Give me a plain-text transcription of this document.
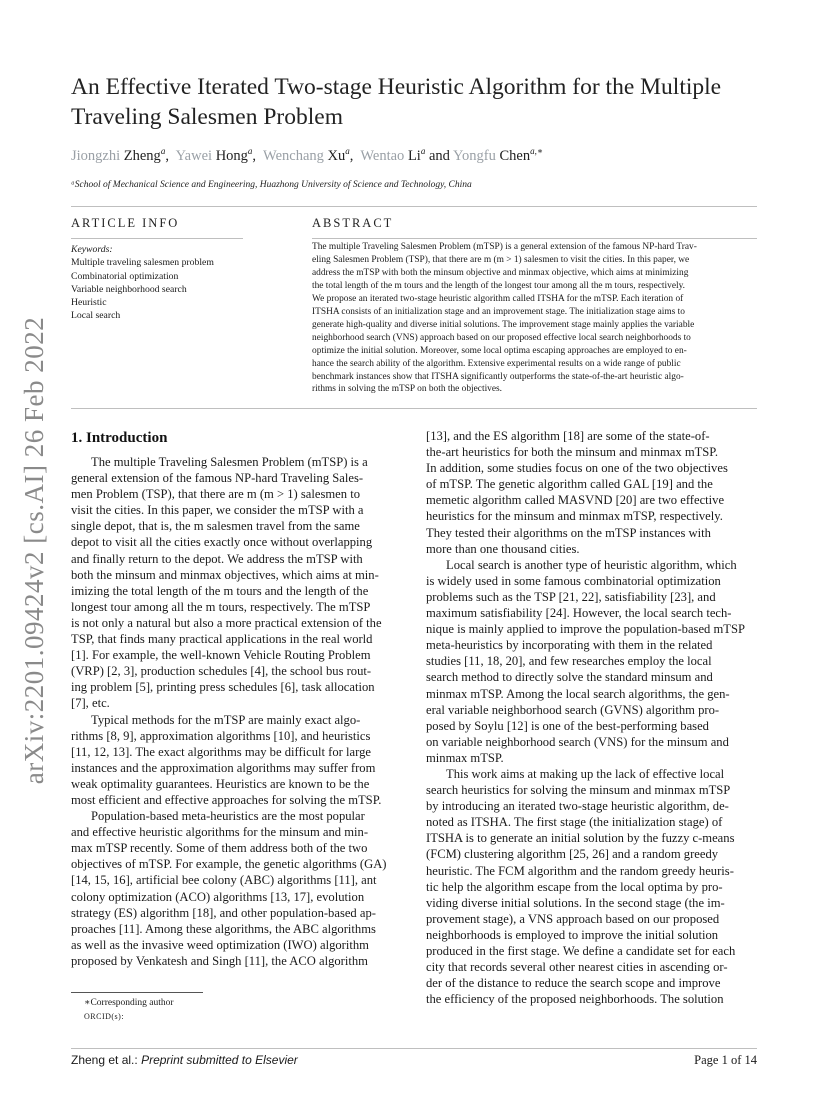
arXiv:2201.09424v2 [cs.AI] 26 Feb 2022
An Effective Iterated Two-stage Heuristic Algorithm for the Multiple
Traveling Salesmen Problem
Jiongzhi Zheng$^a$,  Yawei Hong$^a$,  Wenchang Xu$^a$,  Wentao Li$^a$ and Yongfu Chen$^{a,∗}$
ᵃSchool of Mechanical Science and Engineering, Huazhong University of Science and Technology, China
ARTICLE INFO	ABSTRACT
Keywords:
Multiple traveling salesmen problem
Combinatorial optimization
Variable neighborhood search
Heuristic
Local search
The multiple Traveling Salesmen Problem (mTSP) is a general extension of the famous NP-hard Trav-
eling Salesmen Problem (TSP), that there are m (m > 1) salesmen to visit the cities. In this paper, we
address the mTSP with both the minsum objective and minmax objective, which aims at minimizing
the total length of the m tours and the length of the longest tour among all the m tours, respectively.
We propose an iterated two-stage heuristic algorithm called ITSHA for the mTSP. Each iteration of
ITSHA consists of an initialization stage and an improvement stage. The initialization stage aims to
generate high-quality and diverse initial solutions. The improvement stage mainly applies the variable
neighborhood search (VNS) approach based on our proposed effective local search neighborhoods to
optimize the initial solution. Moreover, some local optima escaping approaches are employed to en-
hance the search ability of the algorithm. Extensive experimental results on a wide range of public
benchmark instances show that ITSHA significantly outperforms the state-of-the-art heuristic algo-
rithms in solving the mTSP on both the objectives.
1. Introduction
The multiple Traveling Salesmen Problem (mTSP) is a
general extension of the famous NP-hard Traveling Sales-
men Problem (TSP), that there are m (m > 1) salesmen to
visit the cities. In this paper, we consider the mTSP with a
single depot, that is, the m salesmen travel from the same
depot to visit all the cities exactly once without overlapping
and finally return to the depot. We address the mTSP with
both the minsum and minmax objectives, which aims at min-
imizing the total length of the m tours and the length of the
longest tour among all the m tours, respectively. The mTSP
is not only a natural but also a more practical extension of the
TSP, that finds many practical applications in the real world
[1]. For example, the well-known Vehicle Routing Problem
(VRP) [2, 3], production schedules [4], the school bus rout-
ing problem [5], printing press schedules [6], task allocation
[7], etc.
Typical methods for the mTSP are mainly exact algo-
rithms [8, 9], approximation algorithms [10], and heuristics
[11, 12, 13]. The exact algorithms may be difficult for large
instances and the approximation algorithms may suffer from
weak optimality guarantees. Heuristics are known to be the
most efficient and effective approaches for solving the mTSP.
Population-based meta-heuristics are the most popular
and effective heuristic algorithms for the minsum and min-
max mTSP recently. Some of them address both of the two
objectives of mTSP. For example, the genetic algorithms (GA)
[14, 15, 16], artificial bee colony (ABC) algorithms [11], ant
colony optimization (ACO) algorithms [13, 17], evolution
strategy (ES) algorithm [18], and other population-based ap-
proaches [11]. Among these algorithms, the ABC algorithms
as well as the invasive weed optimization (IWO) algorithm
proposed by Venkatesh and Singh [11], the ACO algorithm
[13], and the ES algorithm [18] are some of the state-of-
the-art heuristics for both the minsum and minmax mTSP.
In addition, some studies focus on one of the two objectives
of mTSP. The genetic algorithm called GAL [19] and the
memetic algorithm called MASVND [20] are two effective
heuristics for the minsum and minmax mTSP, respectively.
They tested their algorithms on the mTSP instances with
more than one thousand cities.
Local search is another type of heuristic algorithm, which
is widely used in some famous combinatorial optimization
problems such as the TSP [21, 22], satisfiability [23], and
maximum satisfiability [24]. However, the local search tech-
nique is mainly applied to improve the population-based mTSP
meta-heuristics by incorporating with them in the related
studies [11, 18, 20], and few researches employ the local
search method to directly solve the standard minsum and
minmax mTSP. Among the local search algorithms, the gen-
eral variable neighborhood search (GVNS) algorithm pro-
posed by Soylu [12] is one of the best-performing based
on variable neighborhood search (VNS) for the minsum and
minmax mTSP.
This work aims at making up the lack of effective local
search heuristics for solving the minsum and minmax mTSP
by introducing an iterated two-stage heuristic algorithm, de-
noted as ITSHA. The first stage (the initialization stage) of
ITSHA is to generate an initial solution by the fuzzy c-means
(FCM) clustering algorithm [25, 26] and a random greedy
heuristic. The FCM algorithm and the random greedy heuris-
tic help the algorithm escape from the local optima by pro-
viding diverse initial solutions. In the second stage (the im-
provement stage), a VNS approach based on our proposed
neighborhoods is employed to improve the initial solution
produced in the first stage. We define a candidate set for each
city that records several other nearest cities in ascending or-
der of the distance to reduce the search scope and improve
the efficiency of the proposed neighborhoods. The solution
∗Corresponding author
ORCID(s):
Zheng et al.: Preprint submitted to Elsevier	Page 1 of 14
